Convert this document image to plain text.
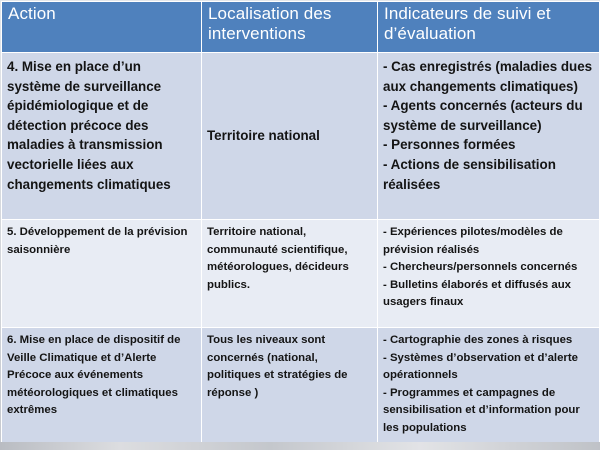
Action	Localisation des interventions	Indicateurs de suivi et d’évaluation
4. Mise en place d’un système de surveillance épidémiologique et de détection précoce des maladies à transmission vectorielle liées aux changements climatiques	Territoire national	- Cas enregistrés (maladies dues aux changements climatiques)
- Agents concernés (acteurs du système de surveillance)
- Personnes formées
- Actions de sensibilisation réalisées

5. Développement de la prévision saisonnière	Territoire national, communauté scientifique, météorologues, décideurs publics.	- Expériences pilotes/modèles de prévision réalisés
- Chercheurs/personnels concernés
- Bulletins élaborés et diffusés aux usagers finaux

6. Mise en place de dispositif de Veille Climatique et d’Alerte Précoce aux événements météorologiques et climatiques extrêmes	Tous les niveaux sont concernés (national, politiques et stratégies de réponse )	- Cartographie des zones à risques
- Systèmes d’observation et d’alerte opérationnels
- Programmes et campagnes de sensibilisation et d’information pour les populations
